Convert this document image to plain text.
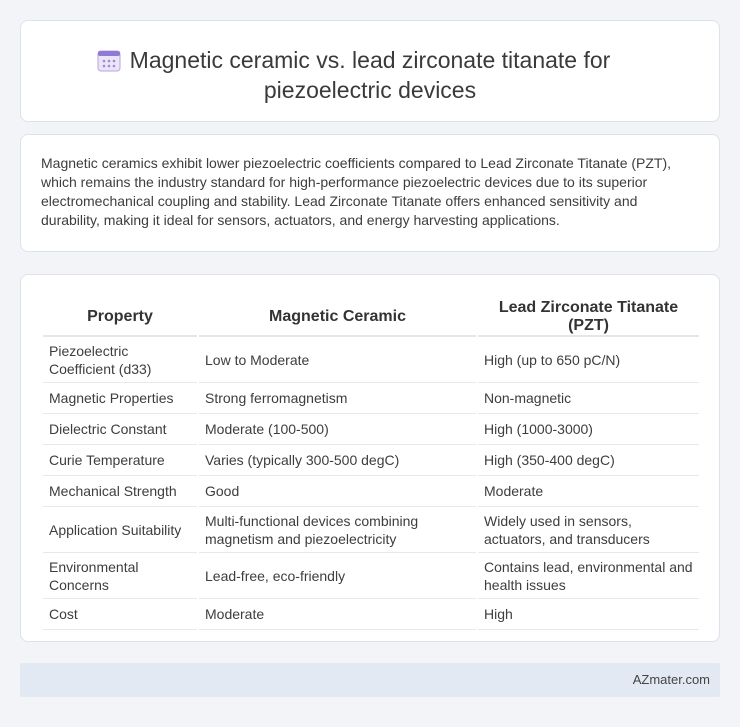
Magnetic ceramic vs. lead zirconate titanate for
piezoelectric devices

Magnetic ceramics exhibit lower piezoelectric coefficients compared to Lead Zirconate Titanate (PZT), which remains the industry standard for high-performance piezoelectric devices due to its superior electromechanical coupling and stability. Lead Zirconate Titanate offers enhanced sensitivity and durability, making it ideal for sensors, actuators, and energy harvesting applications.

Property		Magnetic Ceramic		Lead Zirconate Titanate (PZT)
Piezoelectric Coefficient (d33)		Low to Moderate		High (up to 650 pC/N)
Magnetic Properties		Strong ferromagnetism		Non-magnetic
Dielectric Constant		Moderate (100-500)		High (1000-3000)
Curie Temperature		Varies (typically 300-500 degC)		High (350-400 degC)
Mechanical Strength		Good		Moderate
Application Suitability		Multi-functional devices combining magnetism and piezoelectricity		Widely used in sensors, actuators, and transducers
Environmental Concerns		Lead-free, eco-friendly		Contains lead, environmental and health issues
Cost		Moderate		High
AZmater.com
